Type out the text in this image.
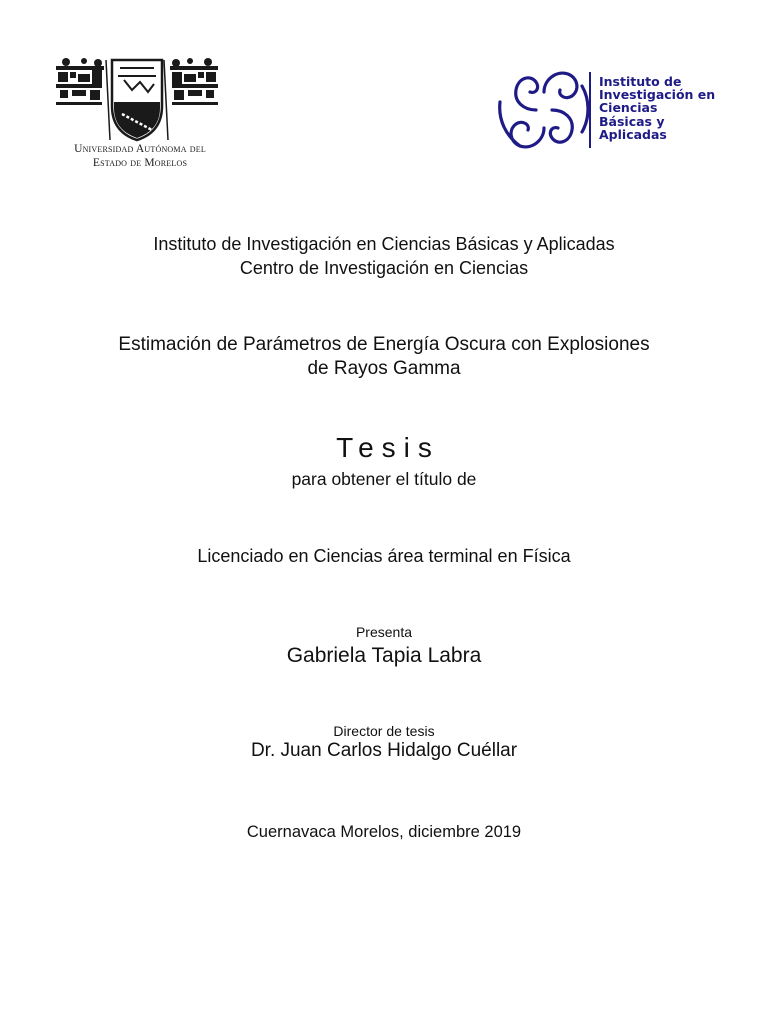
Universidad Autónoma del
Estado de Morelos
Instituto de
Investigación en
Ciencias
Básicas y
Aplicadas
Instituto de Investigación en Ciencias Básicas y Aplicadas
Centro de Investigación en Ciencias
Estimación de Parámetros de Energía Oscura con Explosiones
de Rayos Gamma
Tesis
para obtener el título de
Licenciado en Ciencias área terminal en Física
Presenta
Gabriela Tapia Labra
Director de tesis
Dr. Juan Carlos Hidalgo Cuéllar
Cuernavaca Morelos, diciembre 2019
